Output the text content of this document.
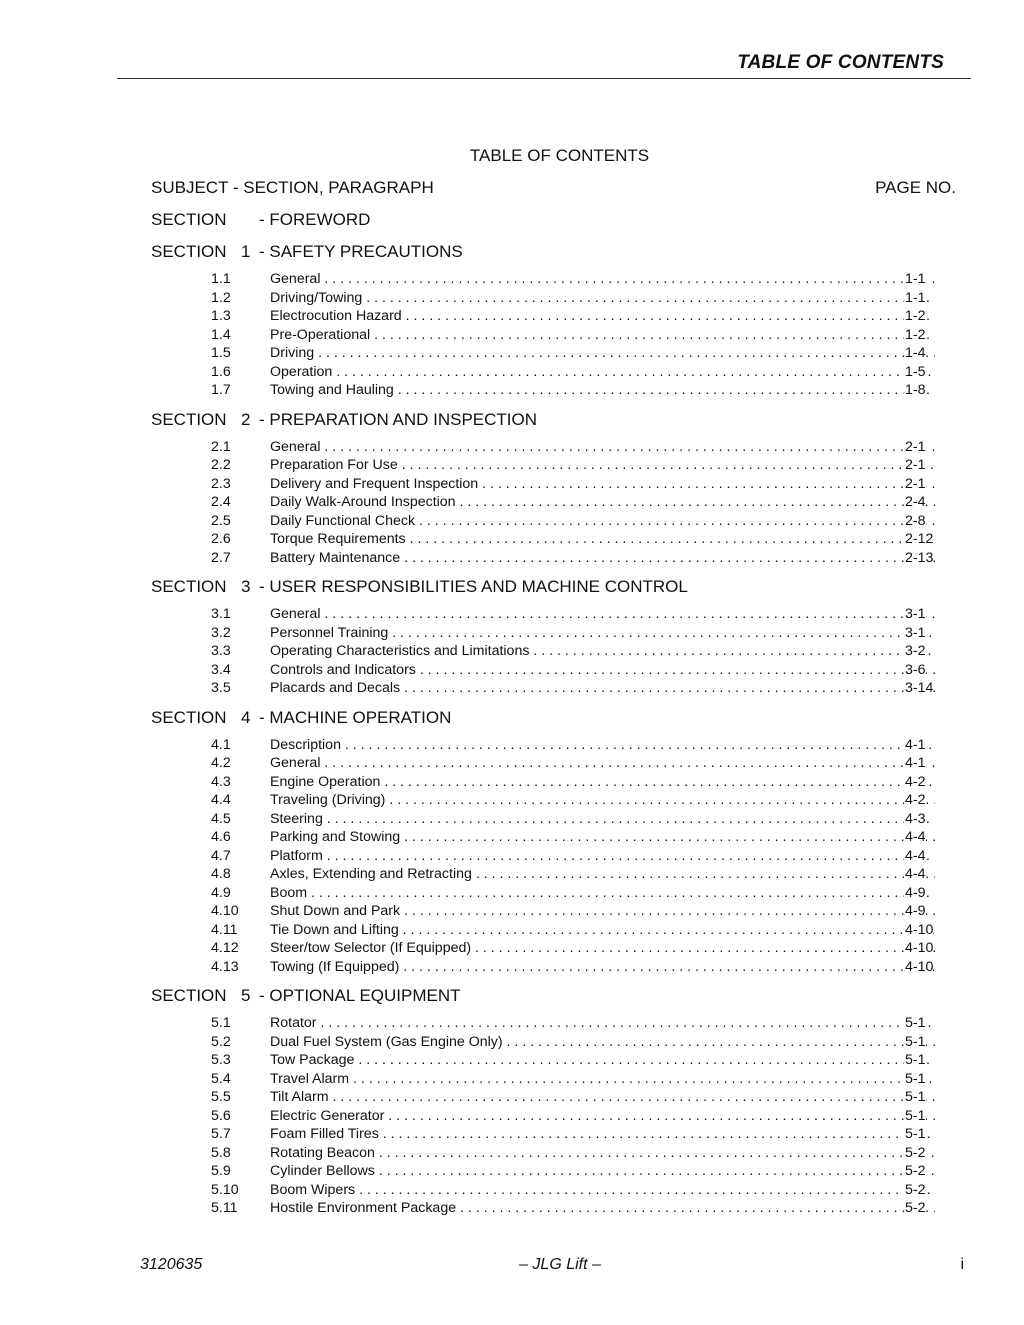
TABLE OF CONTENTS
TABLE OF CONTENTS
SUBJECT - SECTION, PARAGRAPH	PAGE NO.
SECTION - FOREWORD
SECTION 1 - SAFETY PRECAUTIONS
1.1	General . . .	1-1
1.2	Driving/Towing . . .	1-1
1.3	Electrocution Hazard . . .	1-2
1.4	Pre-Operational . . .	1-2
1.5	Driving . . .	1-4
1.6	Operation . . .	1-5
1.7	Towing and Hauling . . .	1-8
SECTION 2 - PREPARATION AND INSPECTION
2.1	General . . .	2-1
2.2	Preparation For Use . . .	2-1
2.3	Delivery and Frequent Inspection . . .	2-1
2.4	Daily Walk-Around Inspection . . .	2-4
2.5	Daily Functional Check . . .	2-8
2.6	Torque Requirements . . .	2-12
2.7	Battery Maintenance . . .	2-13
SECTION 3 - USER RESPONSIBILITIES AND MACHINE CONTROL
3.1	General . . .	3-1
3.2	Personnel Training . . .	3-1
3.3	Operating Characteristics and Limitations . . .	3-2
3.4	Controls and Indicators . . .	3-6
3.5	Placards and Decals . . .	3-14
SECTION 4 - MACHINE OPERATION
4.1	Description . . .	4-1
4.2	General . . .	4-1
4.3	Engine Operation . . .	4-2
4.4	Traveling (Driving) . . .	4-2
4.5	Steering . . .	4-3
4.6	Parking and Stowing . . .	4-4
4.7	Platform . . .	4-4
4.8	Axles, Extending and Retracting . . .	4-4
4.9	Boom . . .	4-9
4.10 Shut Down and Park . . .	4-9
4.11 Tie Down and Lifting . . .	4-10
4.12 Steer/tow Selector (If Equipped) . . .	4-10
4.13 Towing (If Equipped) . . .	4-10
SECTION 5 - OPTIONAL EQUIPMENT
5.1	Rotator . . .	5-1
5.2	Dual Fuel System (Gas Engine Only) . . .	5-1
5.3	Tow Package . . .	5-1
5.4	Travel Alarm . . .	5-1
5.5	Tilt Alarm . . .	5-1
5.6	Electric Generator . . .	5-1
5.7	Foam Filled Tires . . .	5-1
5.8	Rotating Beacon . . .	5-2
5.9	Cylinder Bellows . . .	5-2
5.10 Boom Wipers . . .	5-2
5.11 Hostile Environment Package . . .	5-2
3120635	– JLG Lift –	i
